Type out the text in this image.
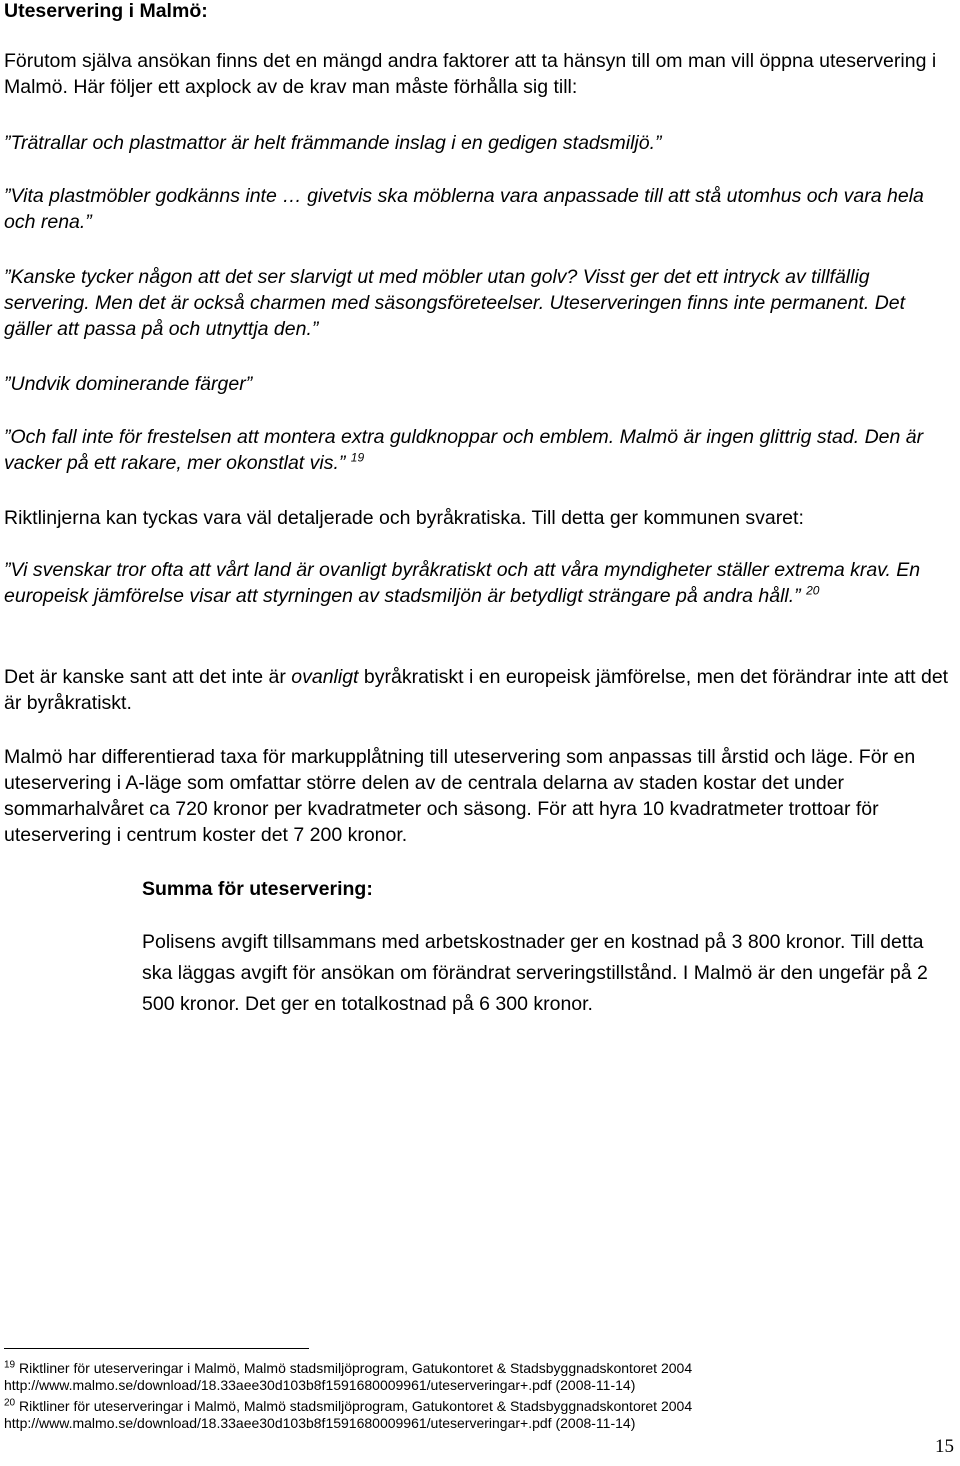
Uteservering i Malmö:

Förutom själva ansökan finns det en mängd andra faktorer att ta hänsyn till om man vill öppna uteservering i Malmö. Här följer ett axplock av de krav man måste förhålla sig till:

”Trätrallar och plastmattor är helt främmande inslag i en gedigen stadsmiljö.”

”Vita plastmöbler godkänns inte … givetvis ska möblerna vara anpassade till att stå utomhus och vara hela och rena.”

”Kanske tycker någon att det ser slarvigt ut med möbler utan golv? Visst ger det ett intryck av tillfällig servering. Men det är också charmen med säsongsföreteelser. Uteserveringen finns inte permanent. Det gäller att passa på och utnyttja den.”

”Undvik dominerande färger”

”Och fall inte för frestelsen att montera extra guldknoppar och emblem. Malmö är ingen glittrig stad. Den är vacker på ett rakare, mer okonstlat vis.” $^{19}$

Riktlinjerna kan tyckas vara väl detaljerade och byråkratiska. Till detta ger kommunen svaret:

”Vi svenskar tror ofta att vårt land är ovanligt byråkratiskt och att våra myndigheter ställer extrema krav. En europeisk jämförelse visar att styrningen av stadsmiljön är betydligt strängare på andra håll.” $^{20}$

Det är kanske sant att det inte är ovanligt byråkratiskt i en europeisk jämförelse, men det förändrar inte att det är byråkratiskt.

Malmö har differentierad taxa för markupplåtning till uteservering som anpassas till årstid och läge. För en uteservering i A-läge som omfattar större delen av de centrala delarna av staden kostar det under sommarhalvåret ca 720 kronor per kvadratmeter och säsong. För att hyra 10 kvadratmeter trottoar för uteservering i centrum koster det 7 200 kronor.

Summa för uteservering:

Polisens avgift tillsammans med arbetskostnader ger en kostnad på 3 800 kronor. Till detta ska läggas avgift för ansökan om förändrat serveringstillstånd. I Malmö är den ungefär på 2 500 kronor. Det ger en totalkostnad på 6 300 kronor.

$^{19}$ Riktliner för uteserveringar i Malmö, Malmö stadsmiljöprogram, Gatukontoret & Stadsbyggnadskontoret 2004
http://www.malmo.se/download/18.33aee30d103b8f1591680009961/uteserveringar+.pdf (2008-11-14)

$^{20}$ Riktliner för uteserveringar i Malmö, Malmö stadsmiljöprogram, Gatukontoret & Stadsbyggnadskontoret 2004
http://www.malmo.se/download/18.33aee30d103b8f1591680009961/uteserveringar+.pdf (2008-11-14)

15
